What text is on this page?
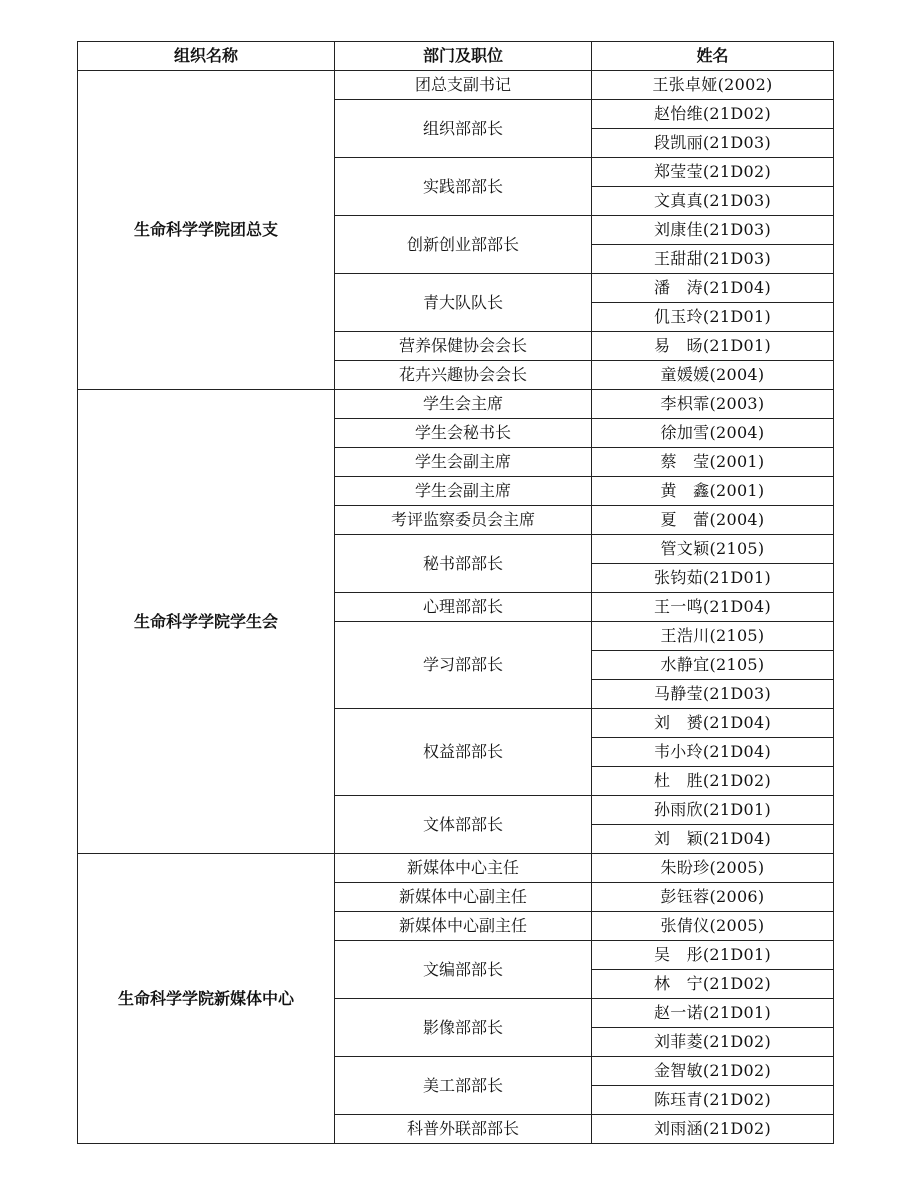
组织名称	部门及职位	姓名
生命科学学院团总支	团总支副书记	王张卓娅(2002)
	组织部部长	赵怡维(21D02)
		段凯丽(21D03)
	实践部部长	郑莹莹(21D02)
		文真真(21D03)
	创新创业部部长	刘康佳(21D03)
		王甜甜(21D03)
	青大队队长	潘　涛(21D04)
		仉玉玲(21D01)
	营养保健协会会长	易　旸(21D01)
	花卉兴趣协会会长	童媛媛(2004)
生命科学学院学生会	学生会主席	李枳霏(2003)
	学生会秘书长	徐加雪(2004)
	学生会副主席	蔡　莹(2001)
	学生会副主席	黄　鑫(2001)
	考评监察委员会主席	夏　蕾(2004)
	秘书部部长	管文颖(2105)
		张钧茹(21D01)
	心理部部长	王一鸣(21D04)
	学习部部长	王浩川(2105)
		水静宜(2105)
		马静莹(21D03)
	权益部部长	刘　赟(21D04)
		韦小玲(21D04)
		杜　胜(21D02)
	文体部部长	孙雨欣(21D01)
		刘　颖(21D04)
生命科学学院新媒体中心	新媒体中心主任	朱盼珍(2005)
	新媒体中心副主任	彭钰蓉(2006)
	新媒体中心副主任	张倩仪(2005)
	文编部部长	吴　彤(21D01)
		林　宁(21D02)
	影像部部长	赵一诺(21D01)
		刘菲菱(21D02)
	美工部部长	金智敏(21D02)
		陈珏青(21D02)
	科普外联部部长	刘雨涵(21D02)
